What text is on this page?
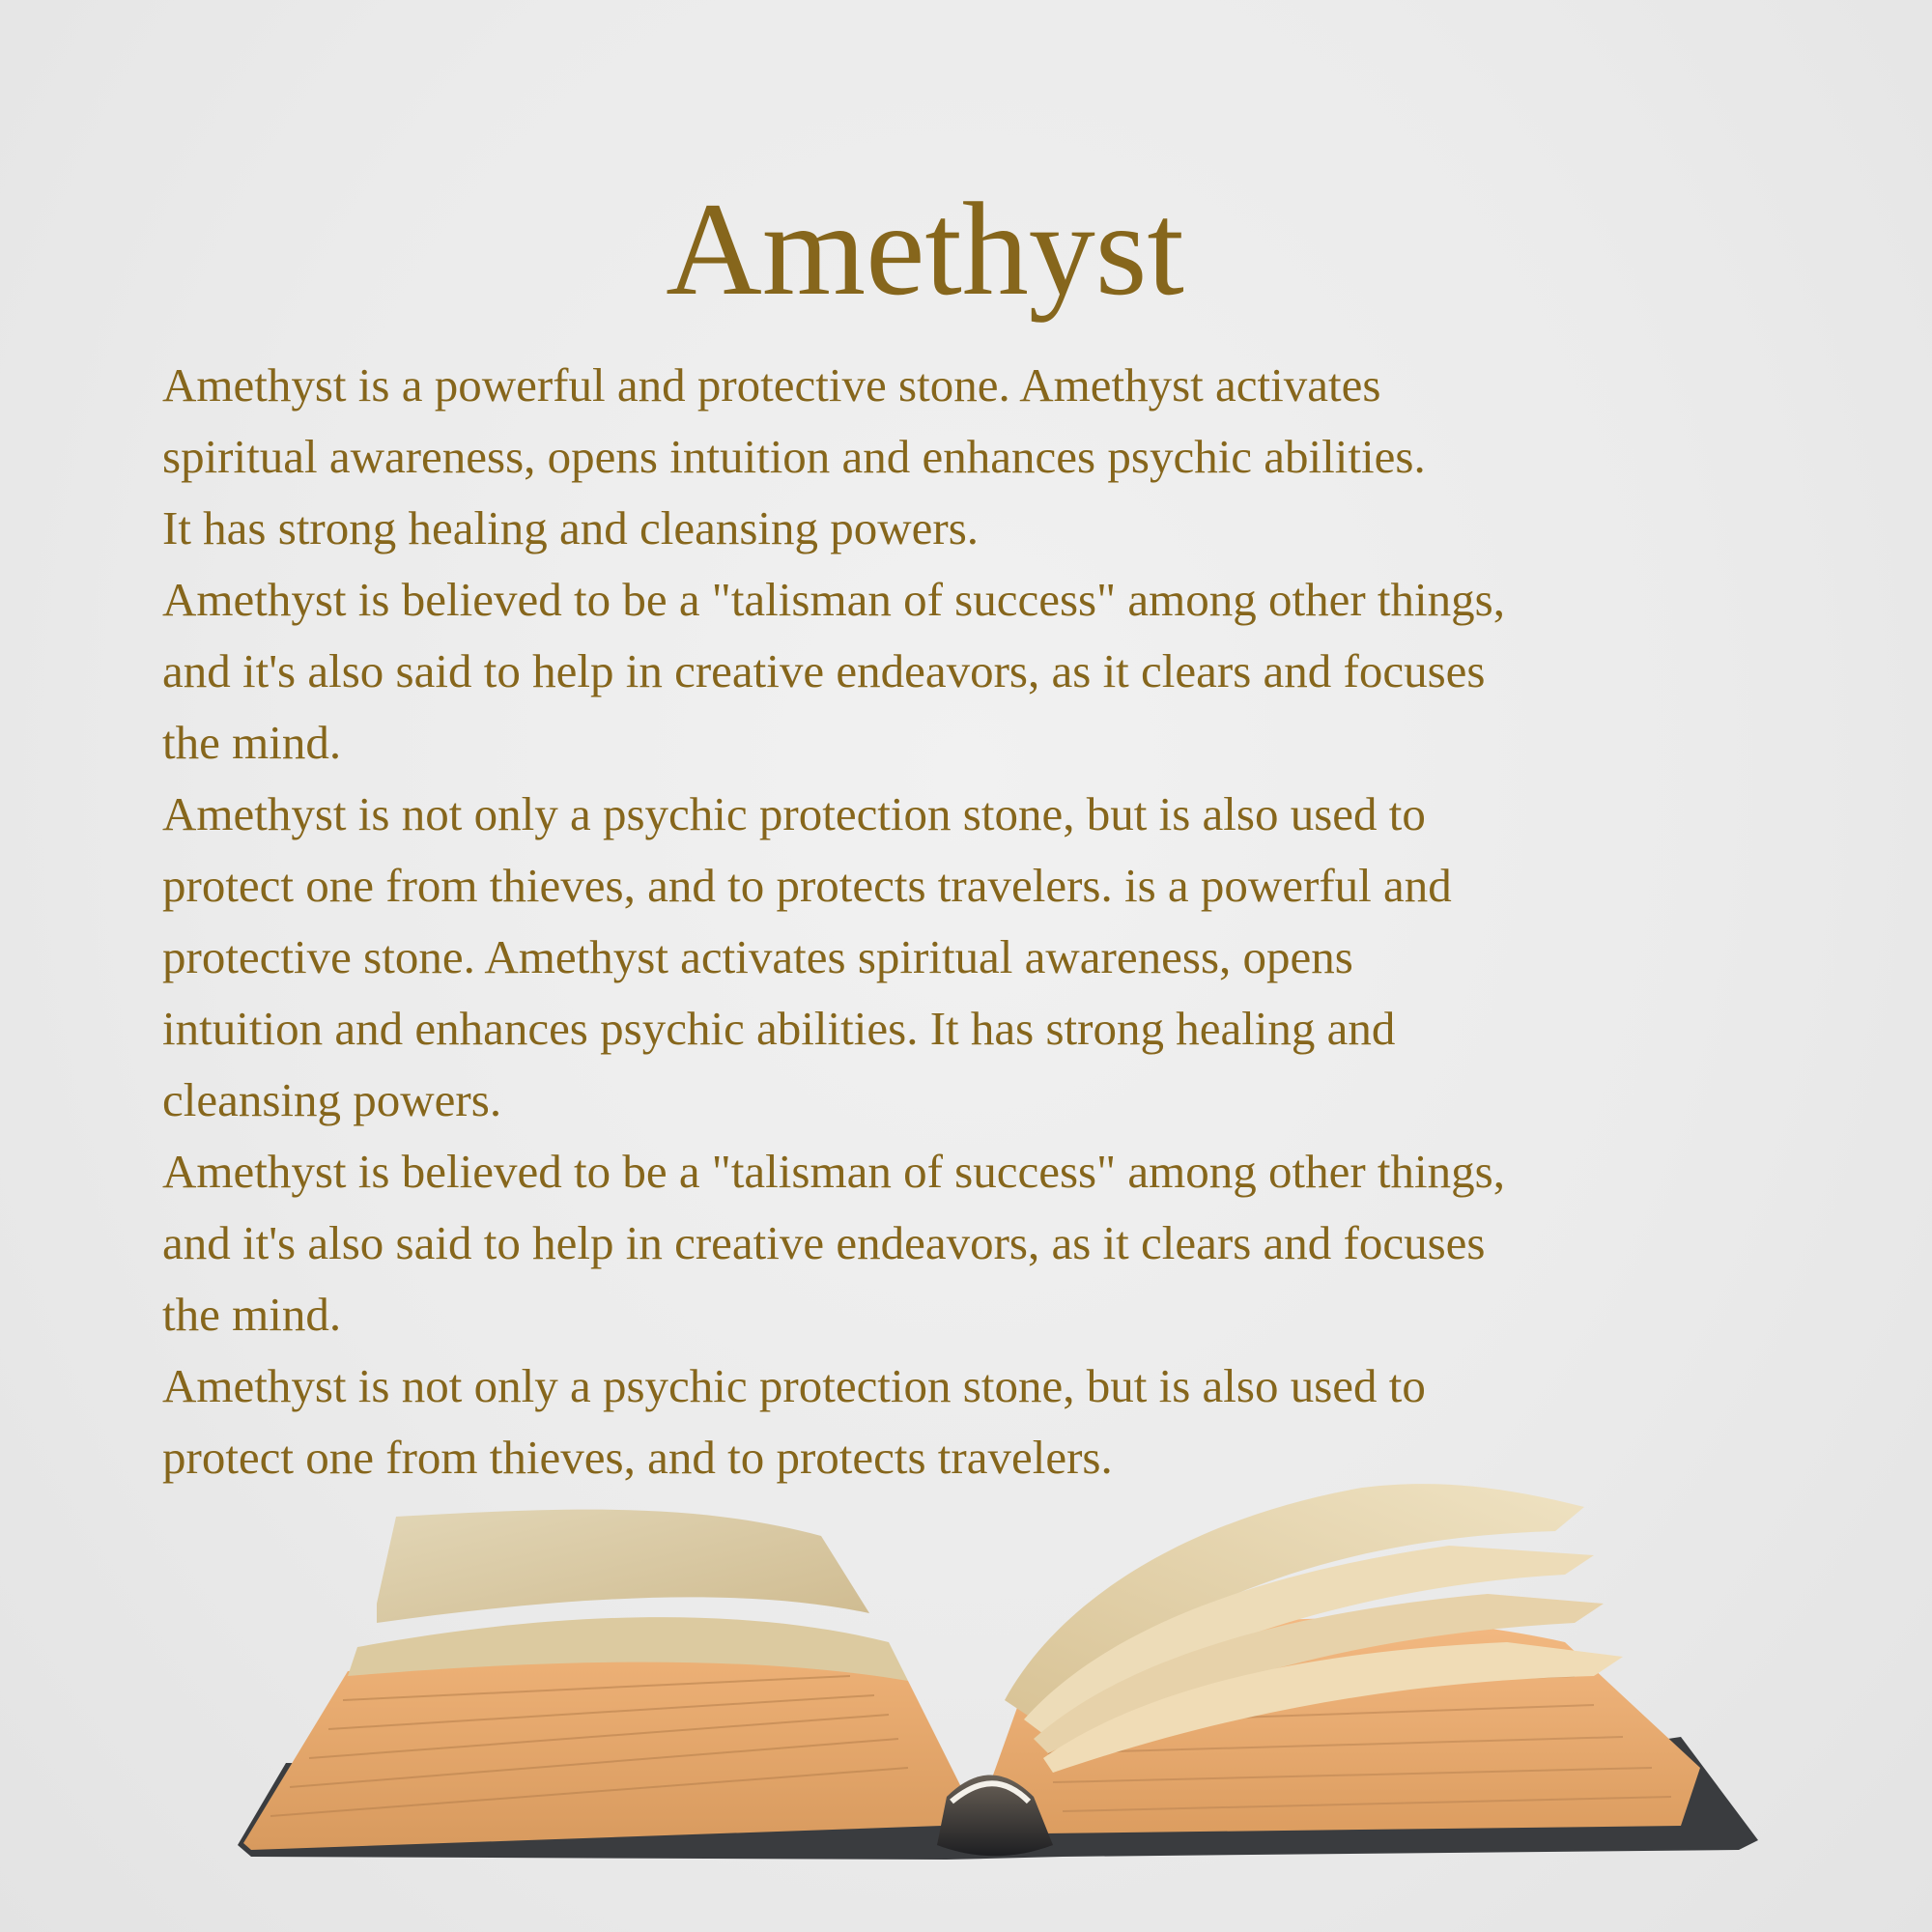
Amethyst
Amethyst is a powerful and protective stone. Amethyst activates
spiritual awareness, opens intuition and enhances psychic abilities.
It has strong healing and cleansing powers.
Amethyst is believed to be a "talisman of success" among other things,
and it's also said to help in creative endeavors, as it clears and focuses
the mind.
Amethyst is not only a psychic protection stone, but is also used to
protect one from thieves, and to protects travelers. is a powerful and
protective stone. Amethyst activates spiritual awareness, opens
intuition and enhances psychic abilities. It has strong healing and
cleansing powers.
Amethyst is believed to be a "talisman of success" among other things,
and it's also said to help in creative endeavors, as it clears and focuses
the mind.
Amethyst is not only a psychic protection stone, but is also used to
protect one from thieves, and to protects travelers.
